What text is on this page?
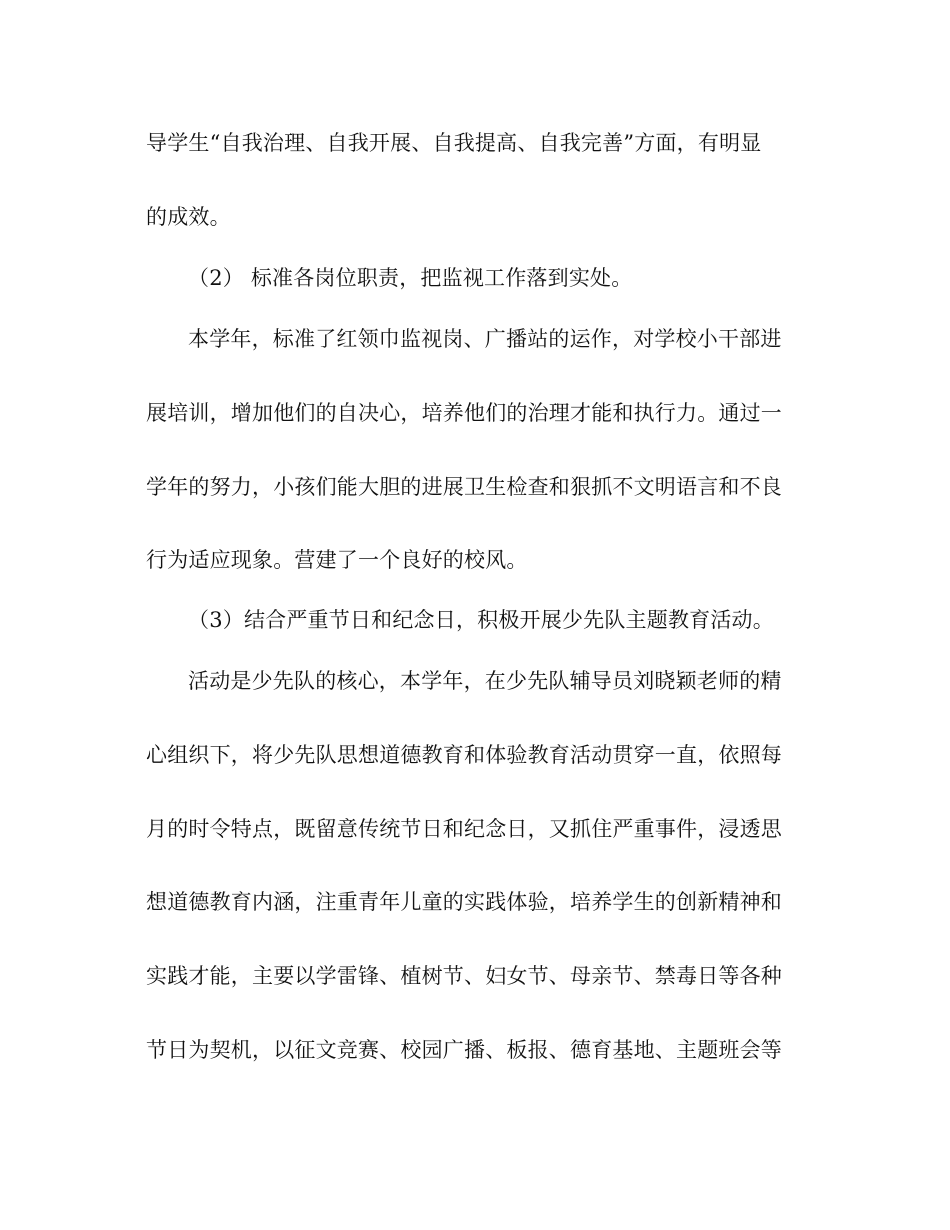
导学生“自我治理、自我开展、自我提高、自我完善”方面，有明显
的成效。
（2） 标准各岗位职责，把监视工作落到实处。
本学年，标准了红领巾监视岗、广播站的运作，对学校小干部进
展培训，增加他们的自决心，培养他们的治理才能和执行力。通过一
学年的努力，小孩们能大胆的进展卫生检查和狠抓不文明语言和不良
行为适应现象。营建了一个良好的校风。
（3）结合严重节日和纪念日，积极开展少先队主题教育活动。
活动是少先队的核心，本学年，在少先队辅导员刘晓颖老师的精
心组织下，将少先队思想道德教育和体验教育活动贯穿一直，依照每
月的时令特点，既留意传统节日和纪念日，又抓住严重事件，浸透思
想道德教育内涵，注重青年儿童的实践体验，培养学生的创新精神和
实践才能，主要以学雷锋、植树节、妇女节、母亲节、禁毒日等各种
节日为契机，以征文竞赛、校园广播、板报、德育基地、主题班会等
